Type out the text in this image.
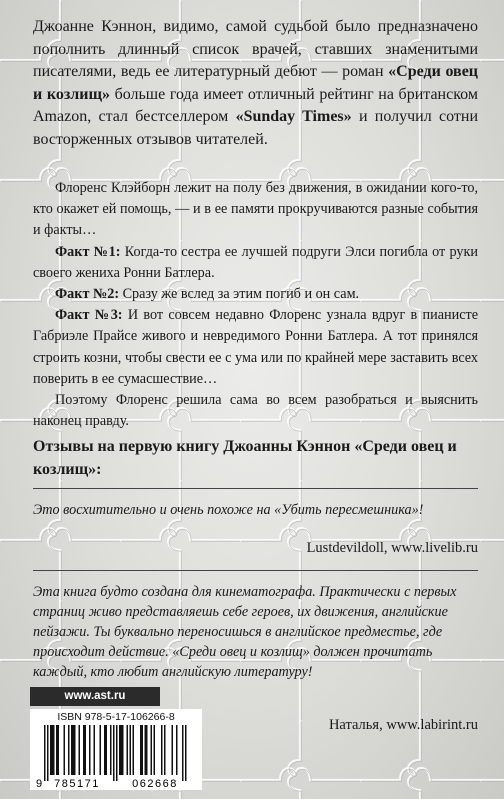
Джоанне Кэннон, видимо, самой судьбой было предназначено пополнить длинный список врачей, ставших знаменитыми писателями, ведь ее литературный дебют — роман «Среди овец и козлищ» больше года имеет отличный рейтинг на британском Amazon, стал бестселлером «Sunday Times» и получил сотни восторженных отзывов читателей.

Флоренс Клэйборн лежит на полу без движения, в ожидании кого-то, кто окажет ей помощь, — и в ее памяти прокручиваются разные события и факты…

Факт №1: Когда-то сестра ее лучшей подруги Элси погибла от руки своего жениха Ронни Батлера.

Факт №2: Сразу же вслед за этим погиб и он сам.

Факт №3: И вот совсем недавно Флоренс узнала вдруг в пианисте Габриэле Прайсе живого и невредимого Ронни Батлера. А тот принялся строить козни, чтобы свести ее с ума или по крайней мере заставить всех поверить в ее сумасшествие…

Поэтому Флоренс решила сама во всем разобраться и выяснить наконец правду.

Отзывы на первую книгу Джоанны Кэннон «Среди овец и козлищ»:
Это восхитительно и очень похоже на «Убить пересмешника»!
Lustdevildoll, www.livelib.ru
Эта книга будто создана для кинематографа. Практически с первых страниц живо представляешь себе героев, их движения, английские пейзажи. Ты буквально переносишься в английское предместье, где происходит действие. «Среди овец и козлищ» должен прочитать каждый, кто любит английскую литературу!
Наталья, www.labirint.ru
www.ast.ru
ISBN 978-5-17-106266-8
9 785171	062668
